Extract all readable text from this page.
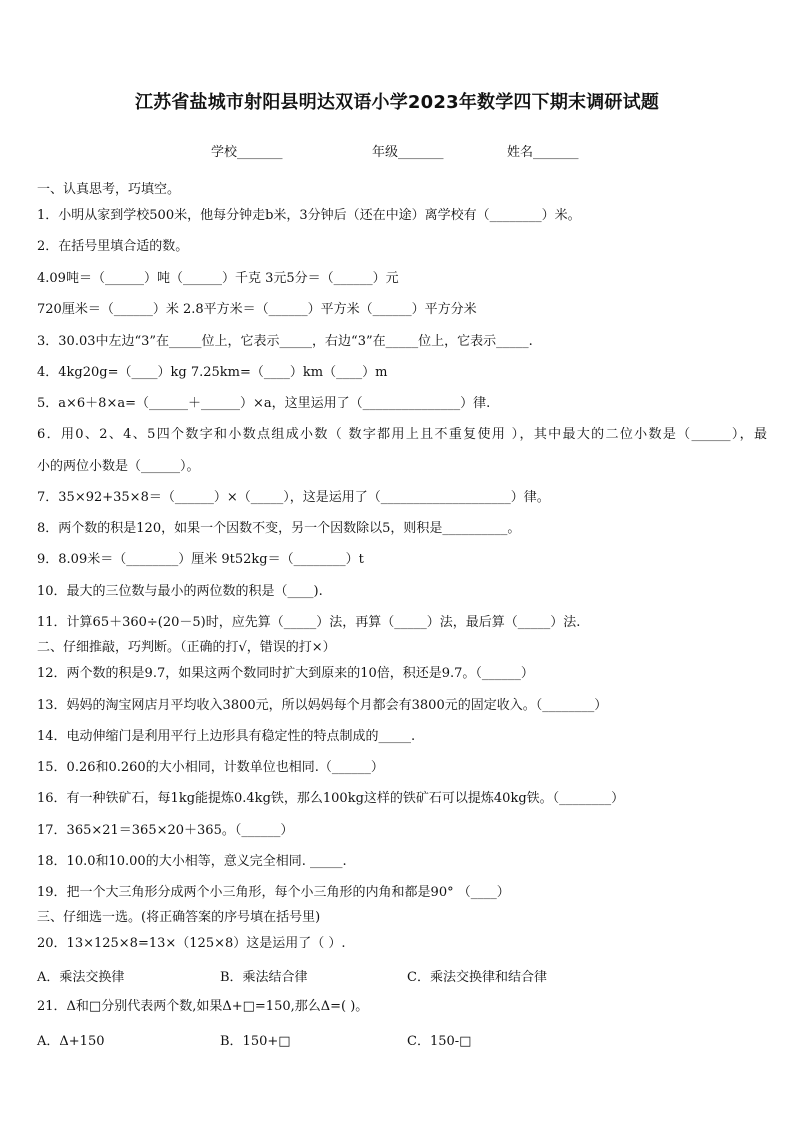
江苏省盐城市射阳县明达双语小学2023年数学四下期末调研试题
学校_______	年级_______	姓名_______
一、认真思考，巧填空。
1．小明从家到学校500米，他每分钟走b米，3分钟后（还在中途）离学校有（________）米。
2．在括号里填合适的数。
4.09吨＝（______）吨（______）千克 3元5分＝（______）元
720厘米＝（______）米 2.8平方米＝（______）平方米（______）平方分米
3．30.03中左边“3”在_____位上，它表示_____，右边“3”在_____位上，它表示_____.
4．4kg20g=（____）kg 7.25km=（____）km（____）m
5．a×6＋8×a=（______＋______）×a，这里运用了（_______________）律.
6．用0、2、4、5四个数字和小数点组成小数（ 数字都用上且不重复使用 ），其中最大的二位小数是（______），最
小的两位小数是（______）。
7．35×92+35×8＝（______）×（_____），这是运用了（____________________）律。
8．两个数的积是120，如果一个因数不变，另一个因数除以5，则积是__________。
9．8.09米＝（________）厘米 9t52kg＝（________）t
10．最大的三位数与最小的两位数的积是（____).
11．计算65＋360÷(20－5)时，应先算（_____）法，再算（_____）法，最后算（_____）法.
二、仔细推敲，巧判断。（正确的打√，错误的打×）
12．两个数的积是9.7，如果这两个数同时扩大到原来的10倍，积还是9.7。（______）
13．妈妈的淘宝网店月平均收入3800元，所以妈妈每个月都会有3800元的固定收入。（________）
14．电动伸缩门是利用平行上边形具有稳定性的特点制成的_____.
15．0.26和0.260的大小相同，计数单位也相同.（______）
16．有一种铁矿石，每1kg能提炼0.4kg铁，那么100kg这样的铁矿石可以提炼40kg铁。（________）
17．365×21＝365×20＋365。（______）
18．10.0和10.00的大小相等，意义完全相同. _____.
19．把一个大三角形分成两个小三角形，每个小三角形的内角和都是90° （____）
三、仔细选一选。(将正确答案的序号填在括号里)
20．13×125×8=13×（125×8）这是运用了（ ）.
A．乘法交换律	B．乘法结合律	C．乘法交换律和结合律
21．Δ和□分别代表两个数,如果Δ+□=150,那么Δ=( )。
A．Δ+150	B．150+□	C．150-□
